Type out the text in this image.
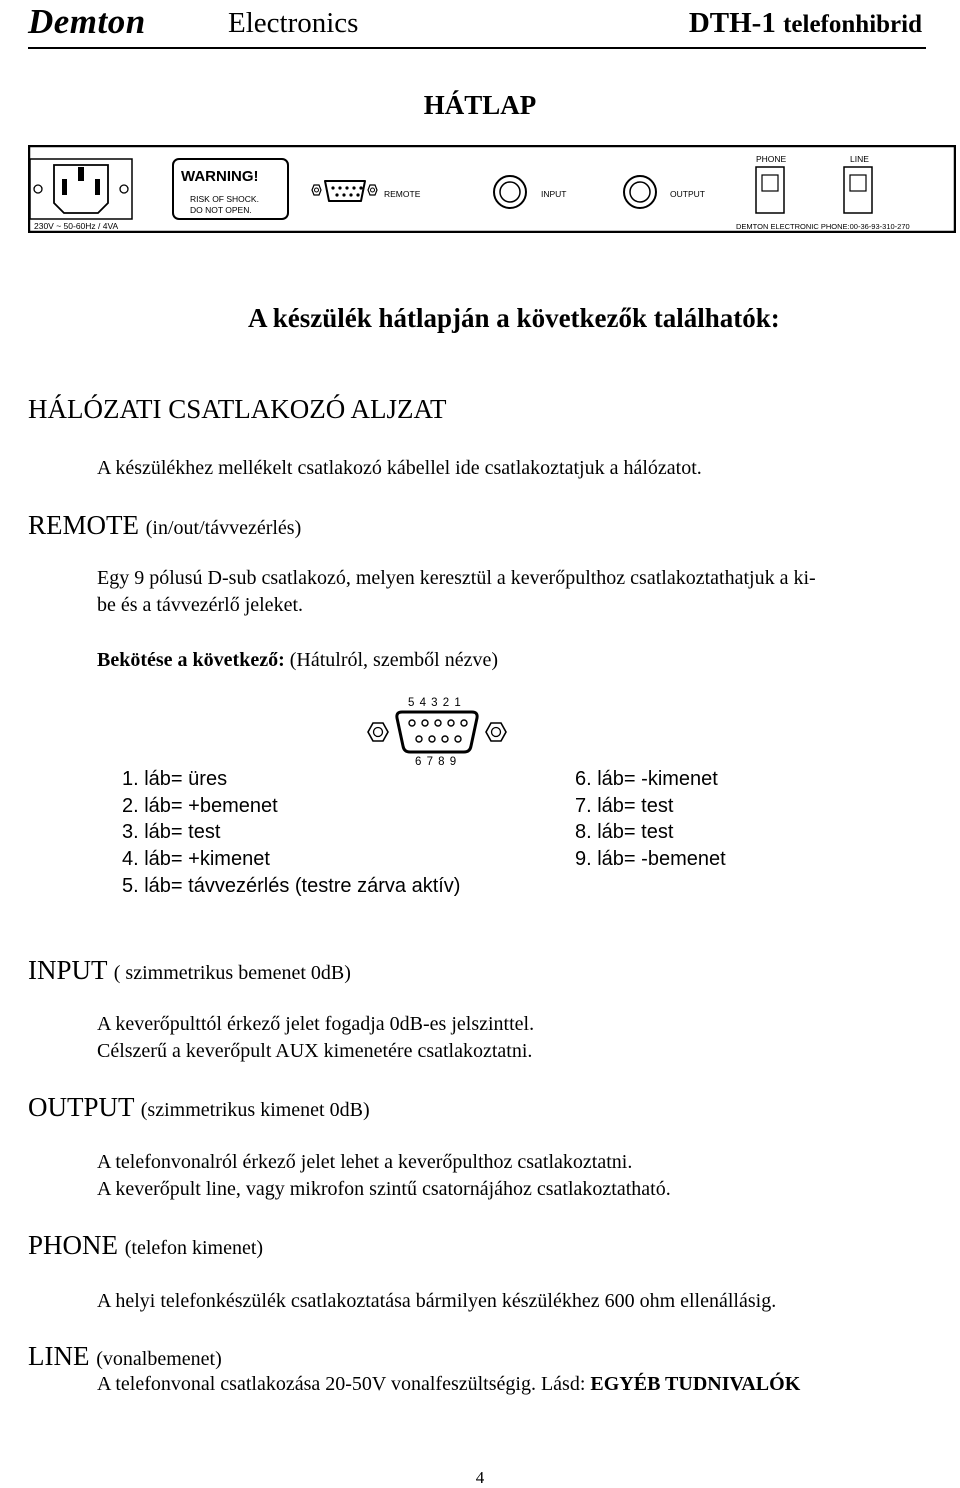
Demton	Electronics	DTH-1 telefonhibrid
HÁTLAP
230V ~ 50-60Hz / 4VA
WARNING!
RISK OF SHOCK.
DO NOT OPEN.
REMOTE	INPUT	OUTPUT
PHONE	LINE
DEMTON ELECTRONIC PHONE:00-36-93-310-270
A készülék hátlapján a következők találhatók:
HÁLÓZATI CSATLAKOZÓ ALJZAT
A készülékhez mellékelt csatlakozó kábellel ide csatlakoztatjuk a hálózatot.
REMOTE (in/out/távvezérlés)
Egy 9 pólusú D-sub csatlakozó, melyen keresztül a keverőpulthoz csatlakoztathatjuk a ki-
be és a távvezérlő jeleket.
Bekötése a következő: (Hátulról, szemből nézve)
5 4 3 2 1
6 7 8 9
1. láb= üres
2. láb= +bemenet
3. láb= test
4. láb= +kimenet
5. láb= távvezérlés (testre zárva aktív)
6. láb= -kimenet
7. láb= test
8. láb= test
9. láb= -bemenet
INPUT ( szimmetrikus bemenet 0dB)
A keverőpulttól érkező jelet fogadja 0dB-es jelszinttel.
Célszerű a keverőpult AUX kimenetére csatlakoztatni.
OUTPUT (szimmetrikus kimenet 0dB)
A telefonvonalról érkező jelet lehet a keverőpulthoz csatlakoztatni.
A keverőpult line, vagy mikrofon szintű csatornájához csatlakoztatható.
PHONE (telefon kimenet)
A helyi telefonkészülék csatlakoztatása bármilyen készülékhez 600 ohm ellenállásig.
LINE (vonalbemenet)
A telefonvonal csatlakozása 20-50V vonalfeszültségig. Lásd: EGYÉB TUDNIVALÓK
4
